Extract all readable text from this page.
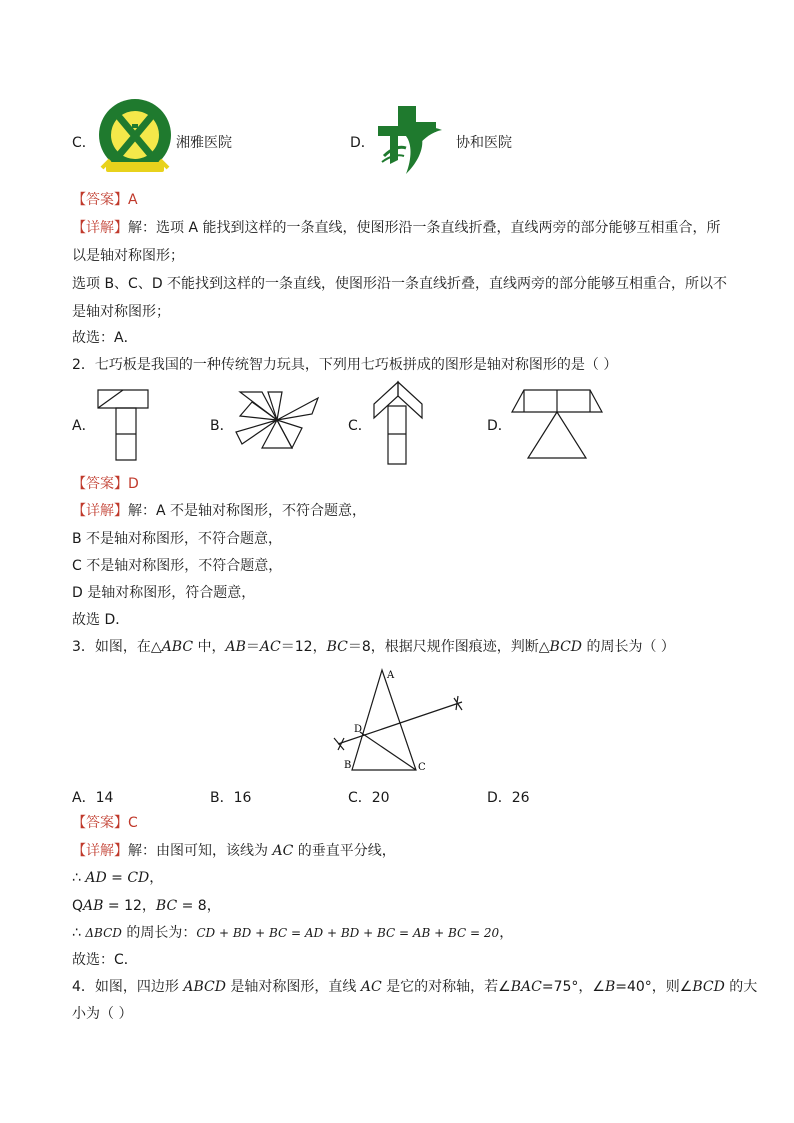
C．	湘雅医院	D．	协和医院
【答案】A
【详解】解：选项 A 能找到这样的一条直线，使图形沿一条直线折叠，直线两旁的部分能够互相重合，所
以是轴对称图形；
选项 B、C、D 不能找到这样的一条直线，使图形沿一条直线折叠，直线两旁的部分能够互相重合，所以不
是轴对称图形；
故选：A．
2．七巧板是我国的一种传统智力玩具，下列用七巧板拼成的图形是轴对称图形的是（ ）
A．	B．	C．	D．
【答案】D
【详解】解：A 不是轴对称图形，不符合题意，
B 不是轴对称图形，不符合题意，
C 不是轴对称图形，不符合题意，
D 是轴对称图形，符合题意，
故选 D．
3．如图，在△ABC 中，AB＝AC＝12，BC＝8，根据尺规作图痕迹，判断△BCD 的周长为（ ）
A
B	C
D
A．14	B．16	C．20	D．26
【答案】C
【详解】解：由图可知，该线为 AC 的垂直平分线，
∴ AD = CD，
QAB = 12，BC = 8，
∴ ΔBCD 的周长为：CD + BD + BC = AD + BD + BC = AB + BC = 20，
故选：C．
4．如图，四边形 ABCD 是轴对称图形，直线 AC 是它的对称轴，若∠BAC=75°，∠B=40°，则∠BCD 的大
小为（ ）
